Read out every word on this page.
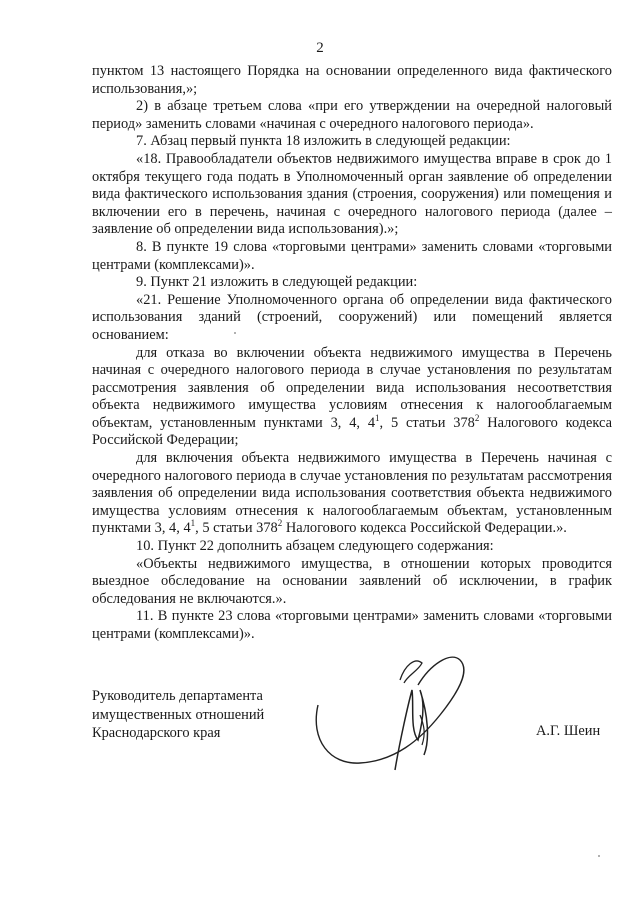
2

пунктом 13 настоящего Порядка на основании определенного вида фактического использования,»;

2) в абзаце третьем слова «при его утверждении на очередной налоговый период» заменить словами «начиная с очередного налогового периода».

7. Абзац первый пункта 18 изложить в следующей редакции:

«18. Правообладатели объектов недвижимого имущества вправе в срок до 1 октября текущего года подать в Уполномоченный орган заявление об определении вида фактического использования здания (строения, сооружения) или помещения и включении его в перечень, начиная с очередного налогового периода (далее – заявление об определении вида использования).»;

8. В пункте 19 слова «торговыми центрами» заменить словами «торговыми центрами (комплексами)».

9. Пункт 21 изложить в следующей редакции:

«21. Решение Уполномоченного органа об определении вида фактического использования зданий (строений, сооружений) или помещений является основанием:

для отказа во включении объекта недвижимого имущества в Перечень начиная с очередного налогового периода в случае установления по результатам рассмотрения заявления об определении вида использования несоответствия объекта недвижимого имущества условиям отнесения к налогооблагаемым объектам, установленным пунктами 3, 4, $4^1$, 5 статьи $378^2$ Налогового кодекса Российской Федерации;

для включения объекта недвижимого имущества в Перечень начиная с очередного налогового периода в случае установления по результатам рассмотрения заявления об определении вида использования соответствия объекта недвижимого имущества условиям отнесения к налогооблагаемым объектам, установленным пунктами 3, 4, $4^1$, 5 статьи $378^2$ Налогового кодекса Российской Федерации.».

10. Пункт 22 дополнить абзацем следующего содержания:

«Объекты недвижимого имущества, в отношении которых проводится выездное обследование на основании заявлений об исключении, в график обследования не включаются.».

11. В пункте 23 слова «торговыми центрами» заменить словами «торговыми центрами (комплексами)».

Руководитель департамента
имущественных отношений
Краснодарского края	А.Г. Шеин
